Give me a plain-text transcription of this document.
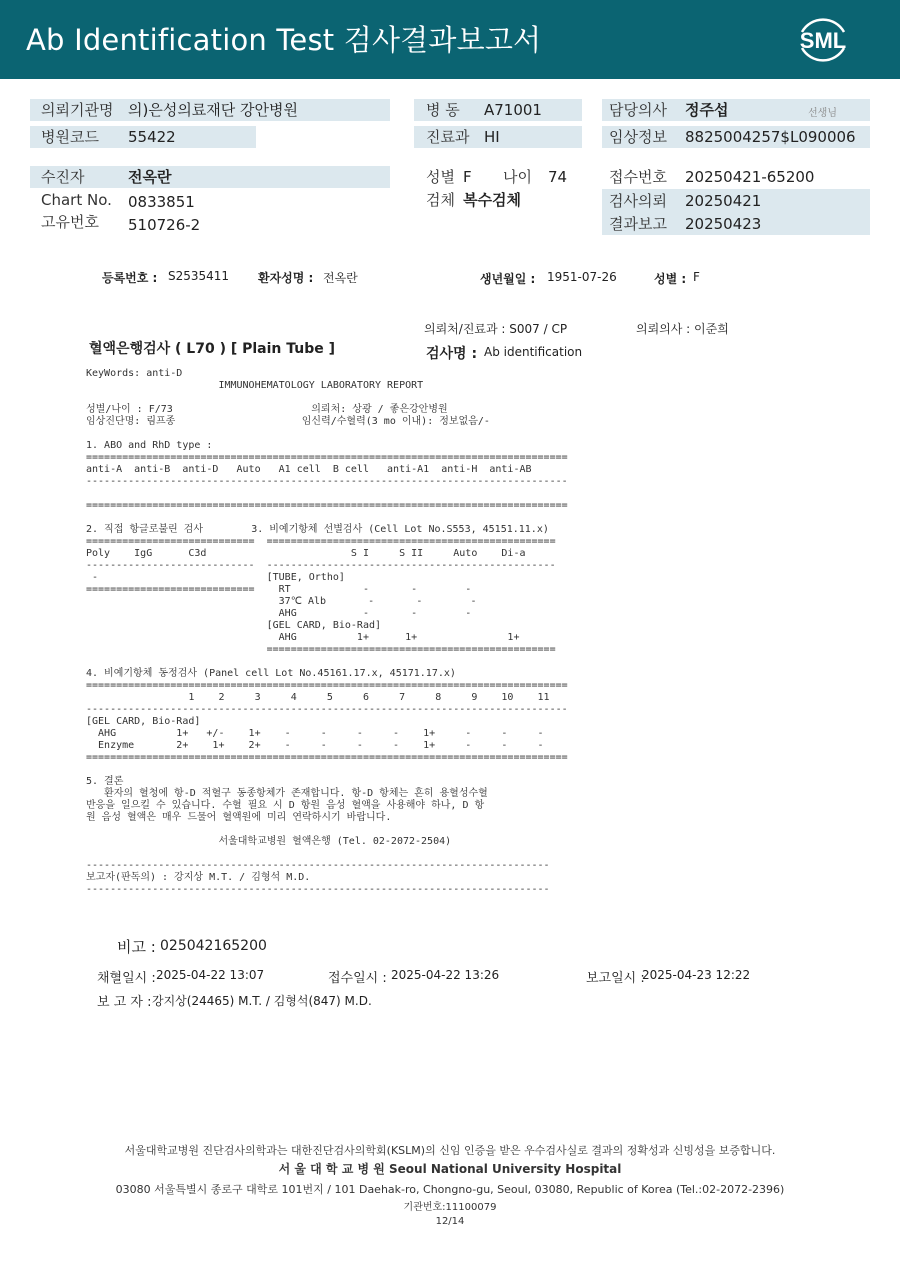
Ab Identification Test 검사결과보고서	SML
의뢰기관명 의)은성의료재단 강안병원
병원코드 55422
병 동 A71001
진료과 HI
담당의사 정주섭	선생님
임상정보 8825004257$L090006
수진자	전옥란
Chart No. 0833851
고유번호 510726-2
성별 F 나이 74
검체 복수검체
접수번호 20250421-65200
검사의뢰 20250421
결과보고 20250423
등록번호 : S2535411 환자성명 : 전옥란	생년월일 : 1951-07-26	성별 : F
의뢰처/진료과 : S007 / CP	의뢰의사 : 이준희
혈액은행검사 ( L70 ) [ Plain Tube ]	검사명 : Ab identification
KeyWords: anti-D
IMMUNOHEMATOLOGY LABORATORY REPORT
성별/나이 : F/73                       의뢰처: 상광 / 좋은강안병원
임상진단명: 림프종                     임신력/수혈력(3 mo 이내): 정보없음/-
1. ABO and RhD type :
================================================================================
anti-A  anti-B  anti-D   Auto   A1 cell  B cell   anti-A1  anti-H  anti-AB
--------------------------------------------------------------------------------
================================================================================
2. 직접 항글로불린 검사        3. 비예기항체 선별검사 (Cell Lot No.S553, 45151.11.x)
============================  ================================================
Poly    IgG      C3d                        S I     S II     Auto    Di-a
----------------------------  ------------------------------------------------
-                            [TUBE, Ortho]
============================    RT            -       -        -
37℃ Alb       -       -        -
AHG           -       -        -
[GEL CARD, Bio-Rad]
AHG          1+      1+               1+
================================================
4. 비예기항체 동정검사 (Panel cell Lot No.45161.17.x, 45171.17.x)
================================================================================
1    2     3     4     5     6     7     8     9    10    11
--------------------------------------------------------------------------------
[GEL CARD, Bio-Rad]
AHG          1+   +/-    1+    -     -     -     -    1+     -     -     -
Enzyme       2+    1+    2+    -     -     -     -    1+     -     -     -
================================================================================
5. 결론
환자의 혈청에 항-D 적혈구 동종항체가 존재합니다. 항-D 항체는 흔히 용혈성수혈
반응을 일으킬 수 있습니다. 수혈 필요 시 D 항원 음성 혈액을 사용해야 하나, D 항
원 음성 혈액은 매우 드물어 혈액원에 미리 연락하시기 바랍니다.
서울대학교병원 혈액은행 (Tel. 02-2072-2504)
-----------------------------------------------------------------------------
보고자(판독의) : 강지상 M.T. / 김형석 M.D.
-----------------------------------------------------------------------------
비고 : 025042165200
채혈일시 : 2025-04-22 13:07	접수일시 : 2025-04-22 13:26	보고일시 :
2025-04-23 12:22
보 고 자 : 강지상(24465) M.T. / 김형석(847) M.D.
서울대학교병원 진단검사의학과는 대한진단검사의학회(KSLM)의 신임 인증을 받은 우수검사실로 결과의 정확성과 신빙성을 보증합니다.
서 울 대 학 교 병 원 Seoul National University Hospital
03080 서울특별시 종로구 대학로 101번지 / 101 Daehak-ro, Chongno-gu, Seoul, 03080, Republic of Korea (Tel.:02-2072-2396)
기관번호:11100079
12/14
